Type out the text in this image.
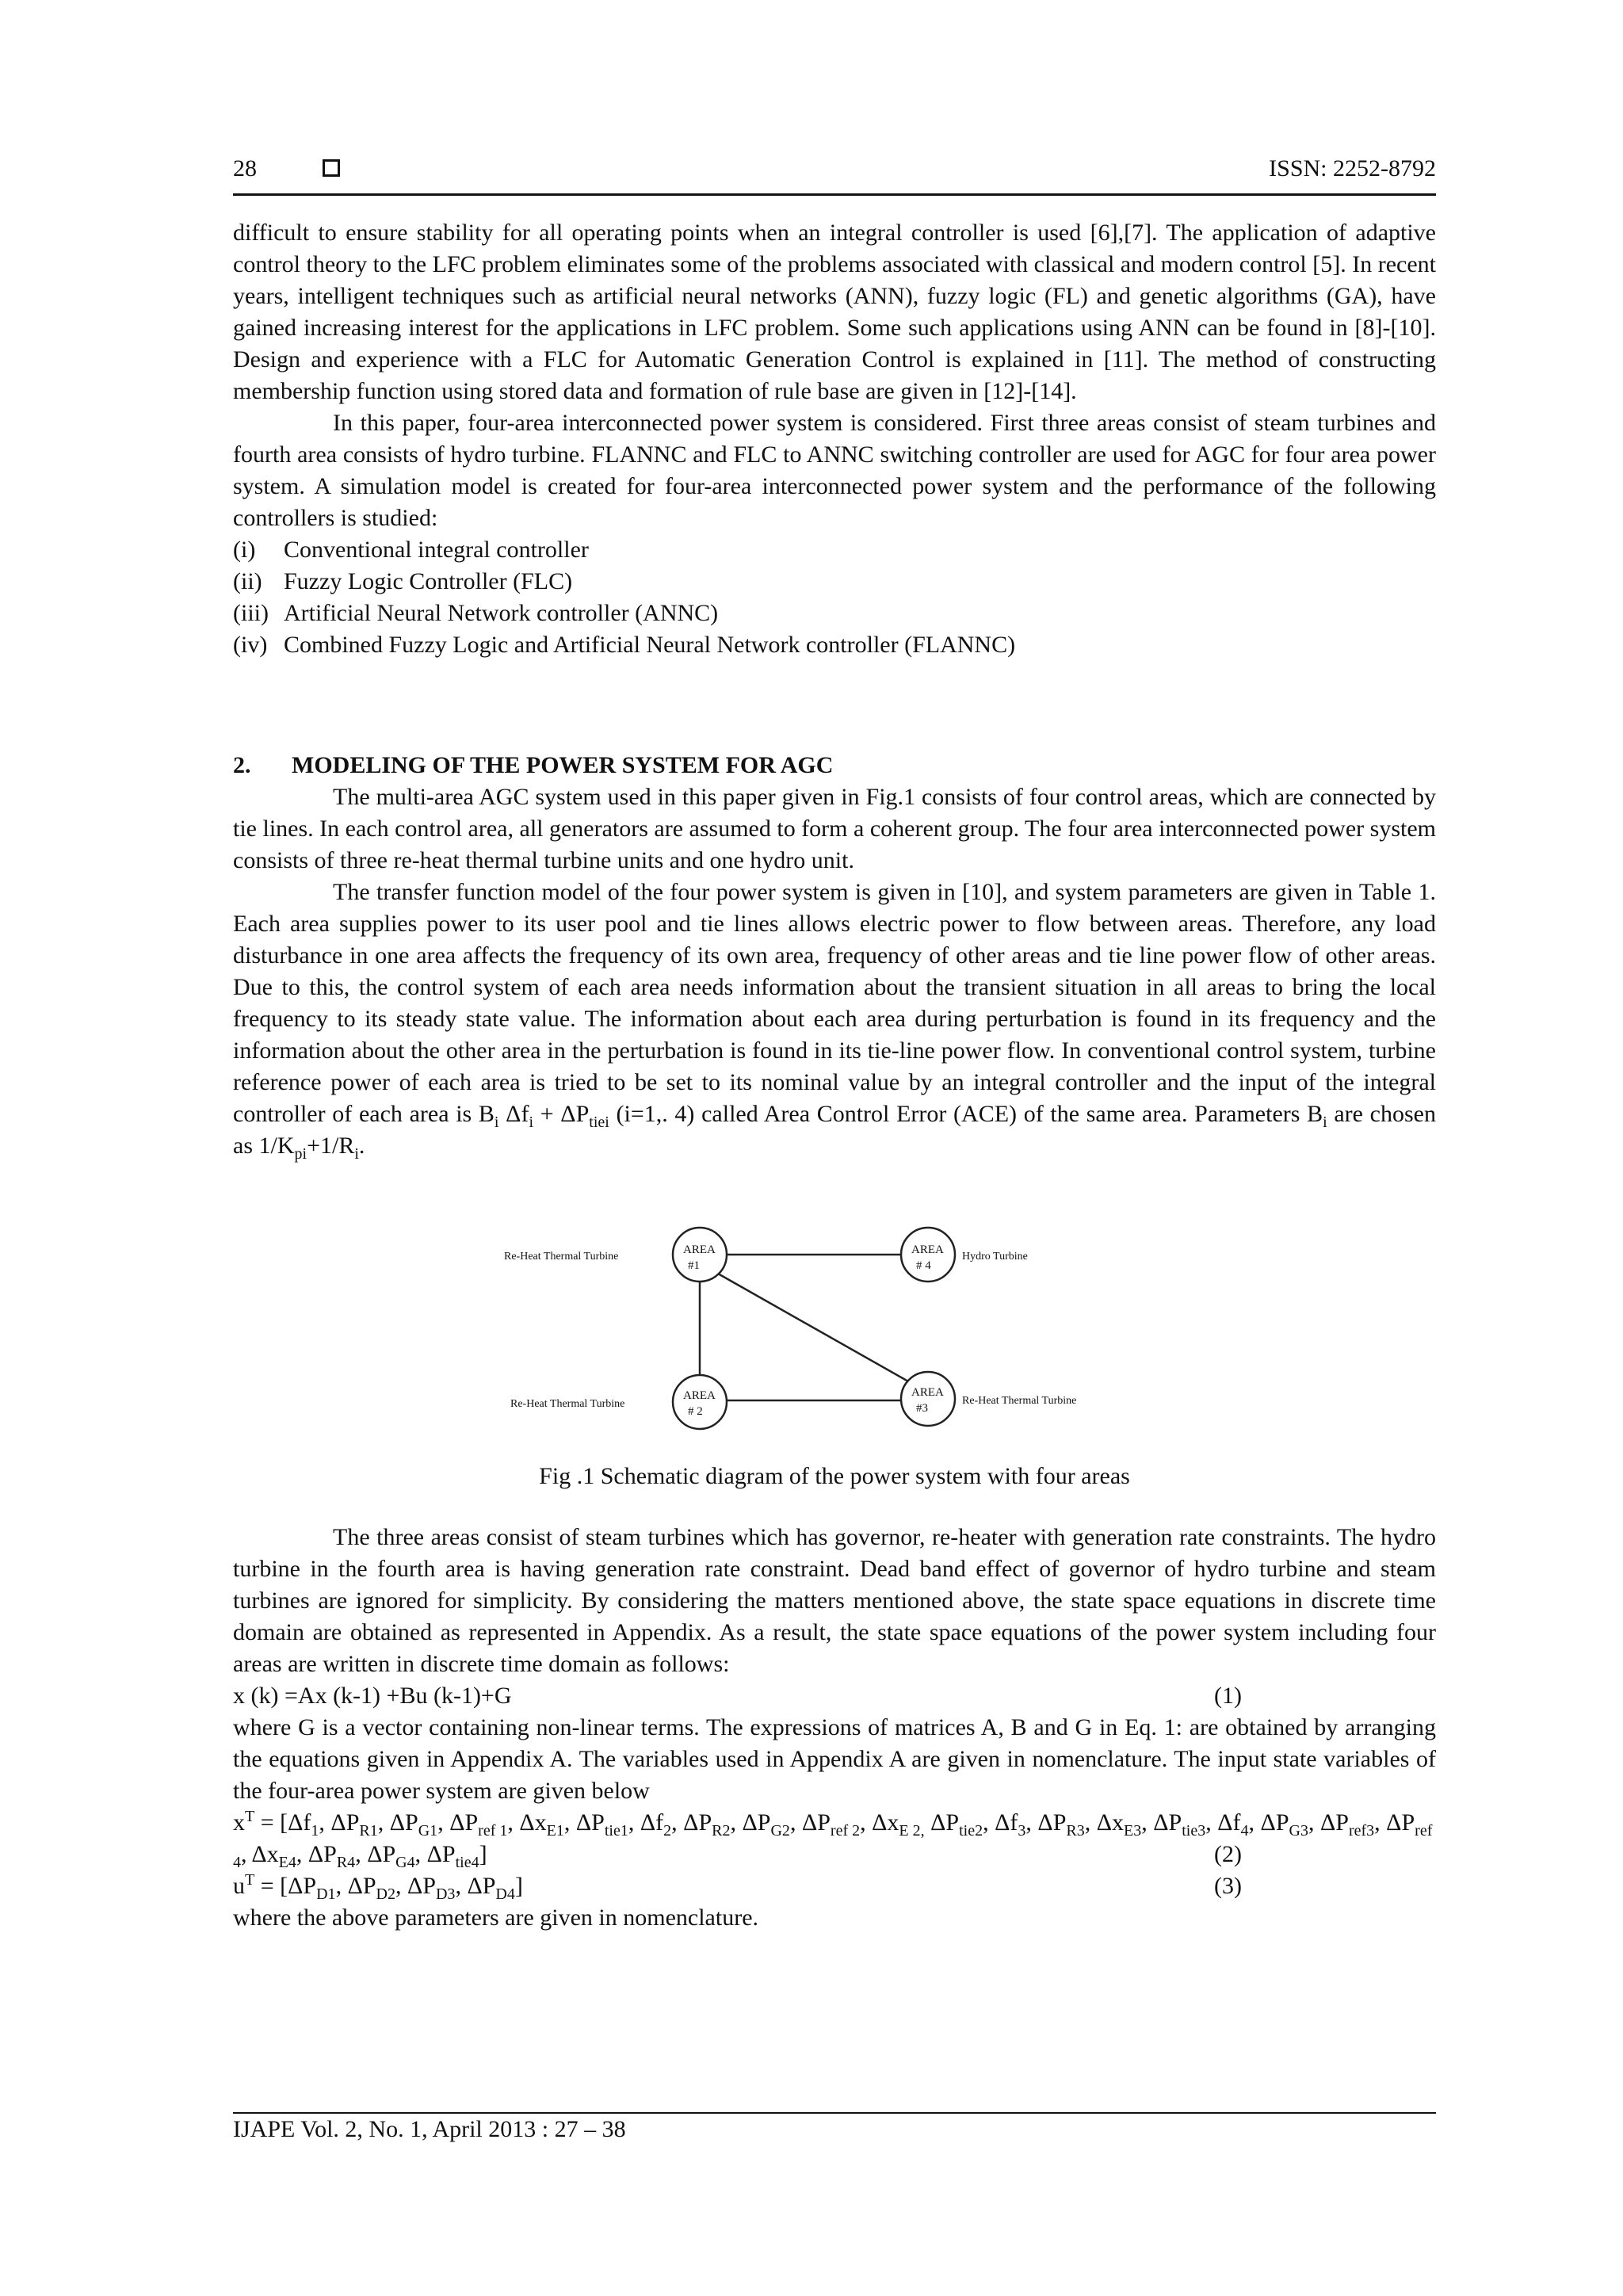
28	ISSN: 2252-8792

difficult to ensure stability for all operating points when an integral controller is used [6],[7]. The application of adaptive control theory to the LFC problem eliminates some of the problems associated with classical and modern control [5]. In recent years, intelligent techniques such as artificial neural networks (ANN), fuzzy logic (FL) and genetic algorithms (GA), have gained increasing interest for the applications in LFC problem. Some such applications using ANN can be found in [8]-[10]. Design and experience with a FLC for Automatic Generation Control is explained in [11]. The method of constructing membership function using stored data and formation of rule base are given in [12]-[14].

In this paper, four-area interconnected power system is considered. First three areas consist of steam turbines and fourth area consists of hydro turbine. FLANNC and FLC to ANNC switching controller are used for AGC for four area power system. A simulation model is created for four-area interconnected power system and the performance of the following controllers is studied:

(i)	Conventional integral controller
(ii) Fuzzy Logic Controller (FLC)
(iii) Artificial Neural Network controller (ANNC)
(iv) Combined Fuzzy Logic and Artificial Neural Network controller (FLANNC)

2. MODELING OF THE POWER SYSTEM FOR AGC

The multi-area AGC system used in this paper given in Fig.1 consists of four control areas, which are connected by tie lines. In each control area, all generators are assumed to form a coherent group. The four area interconnected power system consists of three re-heat thermal turbine units and one hydro unit.

The transfer function model of the four power system is given in [10], and system parameters are given in Table 1. Each area supplies power to its user pool and tie lines allows electric power to flow between areas. Therefore, any load disturbance in one area affects the frequency of its own area, frequency of other areas and tie line power flow of other areas. Due to this, the control system of each area needs information about the transient situation in all areas to bring the local frequency to its steady state value. The information about each area during perturbation is found in its frequency and the information about the other area in the perturbation is found in its tie-line power flow. In conventional control system, turbine reference power of each area is tried to be set to its nominal value by an integral controller and the input of the integral controller of each area is $B_i$ $\Delta f_i + \Delta P_{tiei}$ (i=1,. 4) called Area Control Error (ACE) of the same area. Parameters $B_i$ are chosen as $1/K_{pi}+1/R_i$.

AREA
#1
Re-Heat Thermal Turbine
AREA
# 4
Hydro Turbine
AREA
# 2
Re-Heat Thermal Turbine
AREA
#3
Re-Heat Thermal Turbine
Fig .1 Schematic diagram of the power system with four areas

The three areas consist of steam turbines which has governor, re-heater with generation rate constraints. The hydro turbine in the fourth area is having generation rate constraint. Dead band effect of governor of hydro turbine and steam turbines are ignored for simplicity. By considering the matters mentioned above, the state space equations in discrete time domain are obtained as represented in Appendix. As a result, the state space equations of the power system including four areas are written in discrete time domain as follows:

x (k) =Ax (k-1) +Bu (k-1)+G	(1)

where G is a vector containing non-linear terms. The expressions of matrices A, B and G in Eq. 1: are obtained by arranging the equations given in Appendix A. The variables used in Appendix A are given in nomenclature. The input state variables of the four-area power system are given below

$x^T = [\Delta f_1$, $\Delta P_{R1}$, $\Delta P_{G1}$, $\Delta P_{ref 1}$, $\Delta x_{E1}$, $\Delta P_{tie1}$, $\Delta f_2$, $\Delta P_{R2}$, $\Delta P_{G2}$, $\Delta P_{ref 2}$, $\Delta x_{E 2,}$ $\Delta P_{tie2}$, $\Delta f_3$, $\Delta P_{R3}$, $\Delta x_{E3}$, $\Delta P_{tie3}$, $\Delta f_4$, $\Delta P_{G3}$, $\Delta P_{ref3}$, $\Delta P_{ref}$

$_4$, $\Delta x_{E4}$, $\Delta P_{R4}$, $\Delta P_{G4}$, $\Delta P_{tie4}$]	(2)
$u^T = [\Delta P_{D1}$, $\Delta P_{D2}$, $\Delta P_{D3}$, $\Delta P_{D4}$]	(3)

where the above parameters are given in nomenclature.

IJAPE Vol. 2, No. 1, April 2013 : 27 – 38
